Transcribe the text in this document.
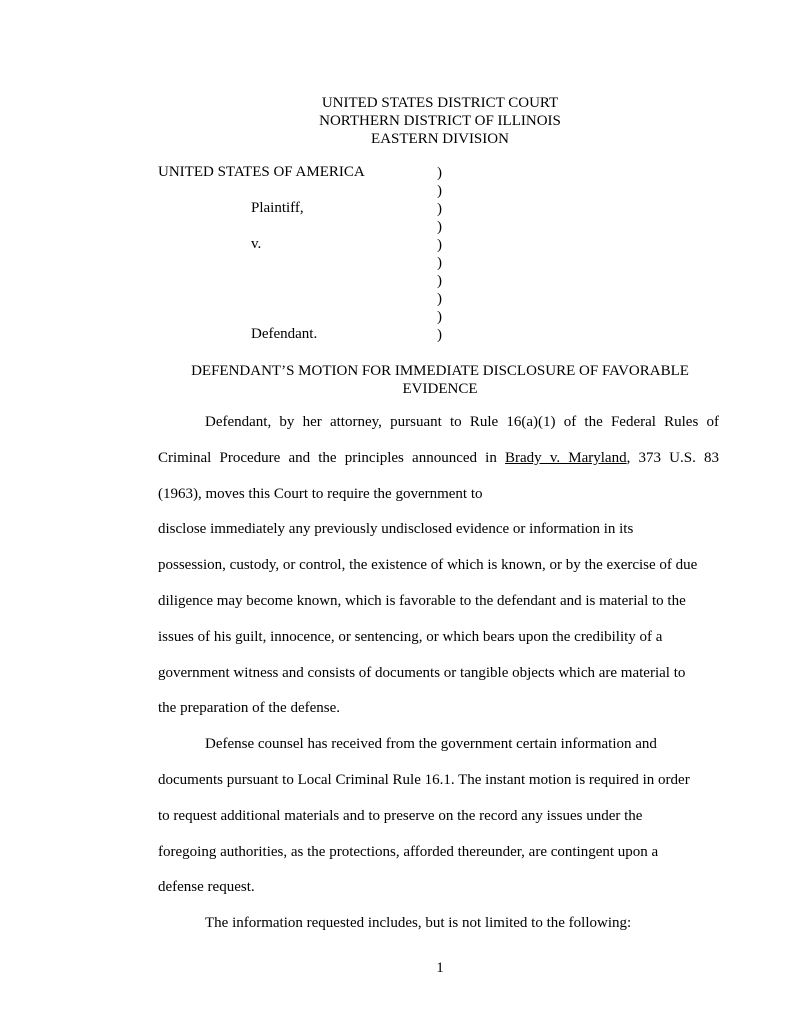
UNITED STATES DISTRICT COURT
NORTHERN DISTRICT OF ILLINOIS
EASTERN DIVISION
UNITED STATES OF AMERICA
Plaintiff,
v.
Defendant.
)
)
)
)
)
)
)
)
)
)
DEFENDANT’S MOTION FOR IMMEDIATE DISCLOSURE OF FAVORABLE
EVIDENCE
Defendant, by her attorney, pursuant to Rule 16(a)(1) of the Federal Rules of
Criminal Procedure and the principles announced in Brady v. Maryland, 373 U.S. 83
(1963), moves this Court to require the government to
disclose immediately any previously undisclosed evidence or information in its
possession, custody, or control, the existence of which is known, or by the exercise of due
diligence may become known, which is favorable to the defendant and is material to the
issues of his guilt, innocence, or sentencing, or which bears upon the credibility of a
government witness and consists of documents or tangible objects which are material to
the preparation of the defense.
Defense counsel has received from the government certain information and
documents pursuant to Local Criminal Rule 16.1. The instant motion is required in order
to request additional materials and to preserve on the record any issues under the
foregoing authorities, as the protections, afforded thereunder, are contingent upon a
defense request.
The information requested includes, but is not limited to the following:
1
